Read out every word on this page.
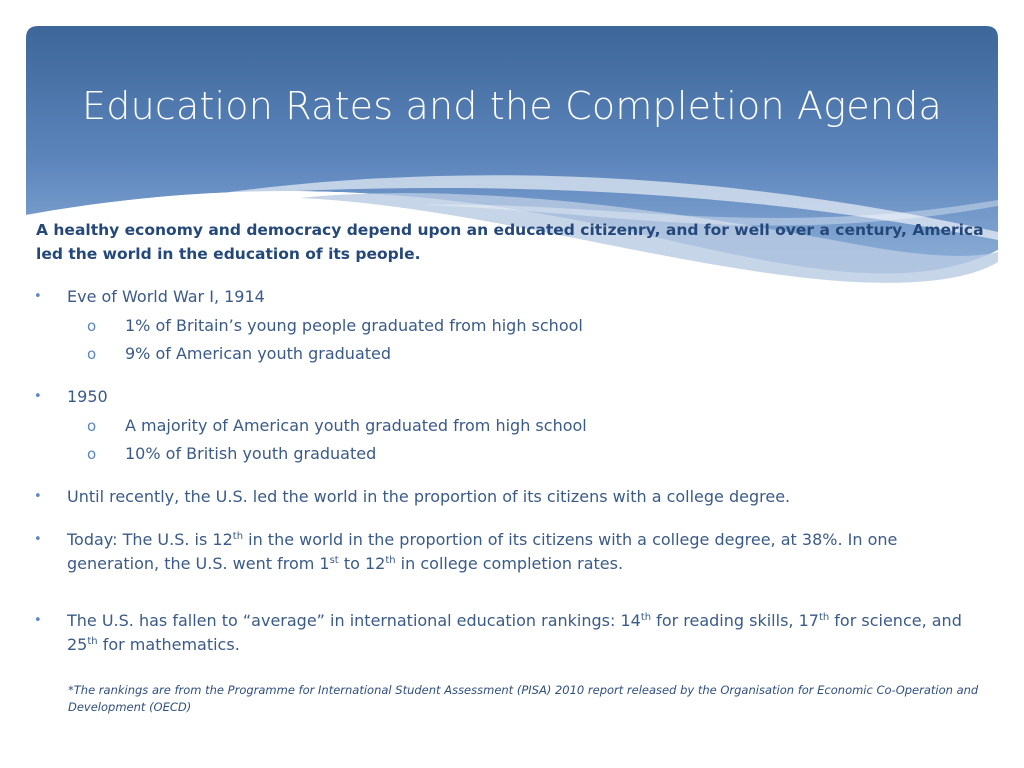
Education Rates and the Completion Agenda

A healthy economy and democracy depend upon an educated citizenry, and for well over a century, America led the world in the education of its people.

• Eve of World War I, 1914
o 1% of Britain’s young people graduated from high school
o 9% of American youth graduated
• 1950
o A majority of American youth graduated from high school
o 10% of British youth graduated
• Until recently, the U.S. led the world in the proportion of its citizens with a college degree.
• Today: The U.S. is 12th in the world in the proportion of its citizens with a college degree, at 38%. In one generation, the U.S. went from 1st to 12th in college completion rates.
• The U.S. has fallen to “average” in international education rankings: 14th for reading skills, 17th for science, and 25th for mathematics.

*The rankings are from the Programme for International Student Assessment (PISA) 2010 report released by the Organisation for Economic Co-Operation and Development (OECD)
